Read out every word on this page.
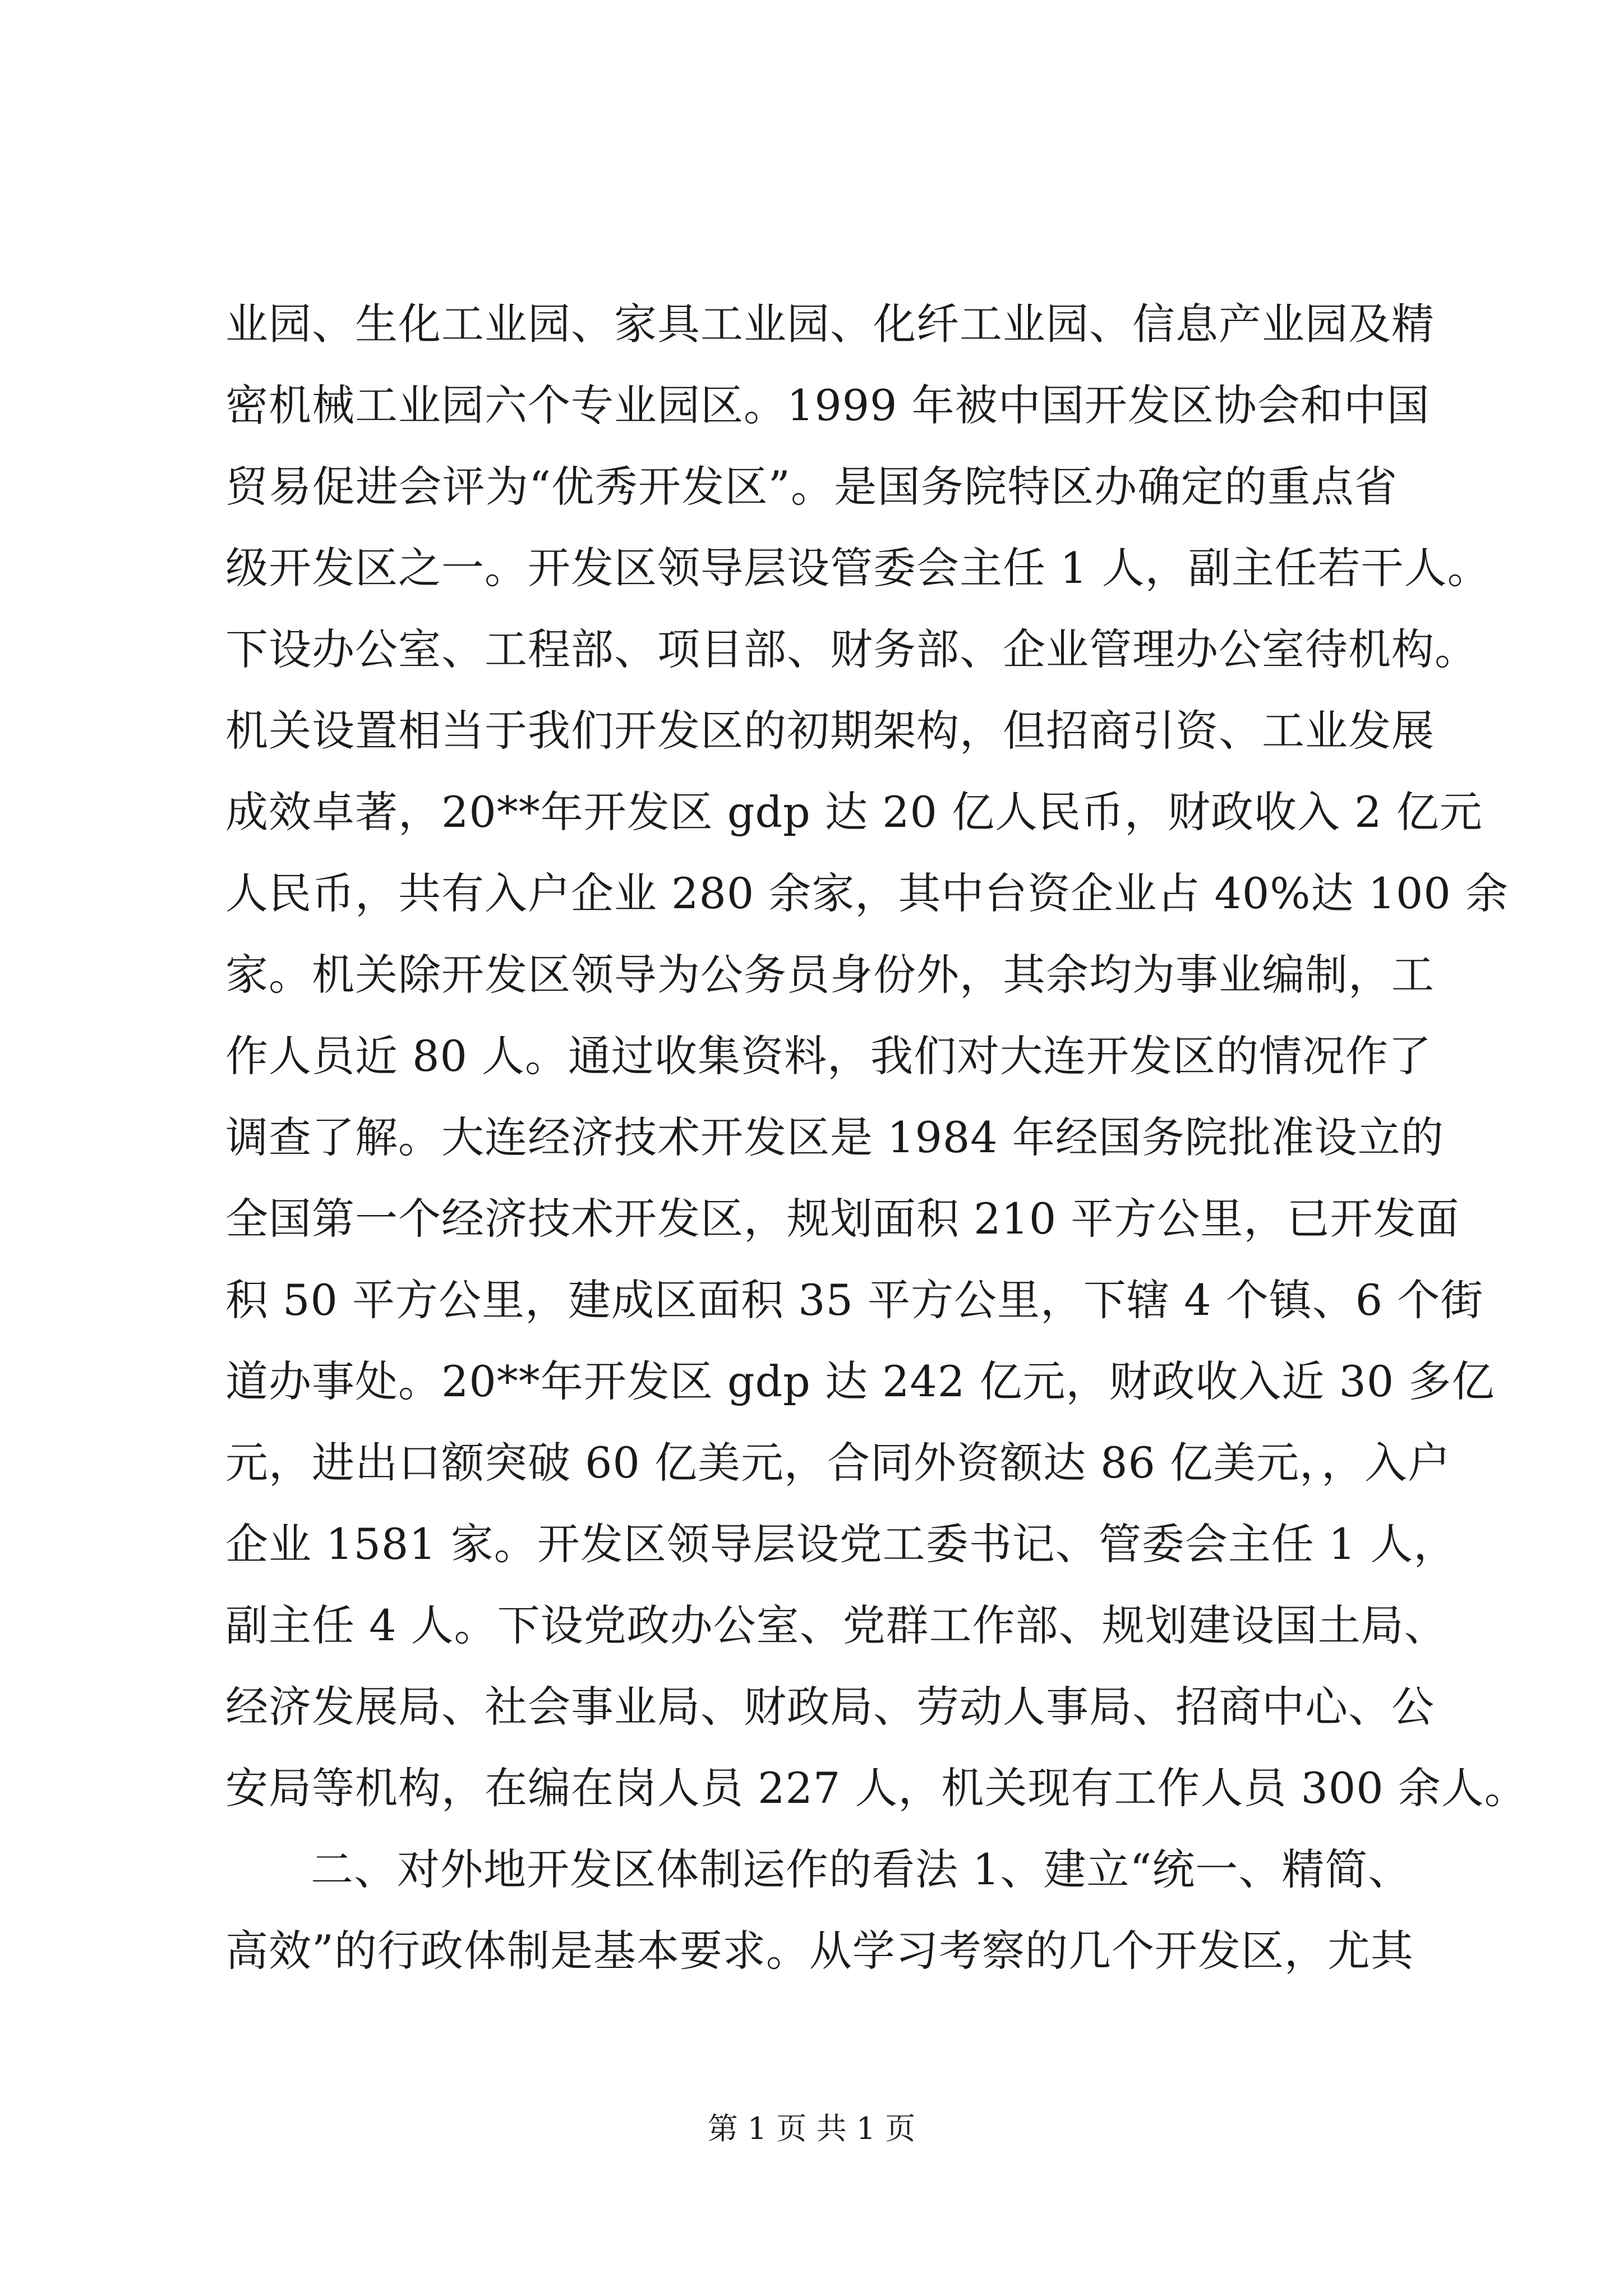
业园、生化工业园、家具工业园、化纤工业园、信息产业园及精
密机械工业园六个专业园区。1999 年被中国开发区协会和中国
贸易促进会评为“优秀开发区”。是国务院特区办确定的重点省
级开发区之一。开发区领导层设管委会主任 1 人，副主任若干人。
下设办公室、工程部、项目部、财务部、企业管理办公室待机构。
机关设置相当于我们开发区的初期架构，但招商引资、工业发展
成效卓著，20**年开发区 gdp 达 20 亿人民币，财政收入 2 亿元
人民币，共有入户企业 280 余家，其中台资企业占 40%达 100 余
家。机关除开发区领导为公务员身份外，其余均为事业编制，工
作人员近 80 人。通过收集资料，我们对大连开发区的情况作了
调查了解。大连经济技术开发区是 1984 年经国务院批准设立的
全国第一个经济技术开发区，规划面积 210 平方公里，已开发面
积 50 平方公里，建成区面积 35 平方公里，下辖 4 个镇、6 个街
道办事处。20**年开发区 gdp 达 242 亿元，财政收入近 30 多亿
元，进出口额突破 60 亿美元，合同外资额达 86 亿美元，，入户
企业 1581 家。开发区领导层设党工委书记、管委会主任 1 人，
副主任 4 人。下设党政办公室、党群工作部、规划建设国土局、
经济发展局、社会事业局、财政局、劳动人事局、招商中心、公
安局等机构，在编在岗人员 227 人，机关现有工作人员 300 余人。
二、对外地开发区体制运作的看法 1、建立“统一、精简、
高效”的行政体制是基本要求。从学习考察的几个开发区，尤其
第 1 页 共 1 页
